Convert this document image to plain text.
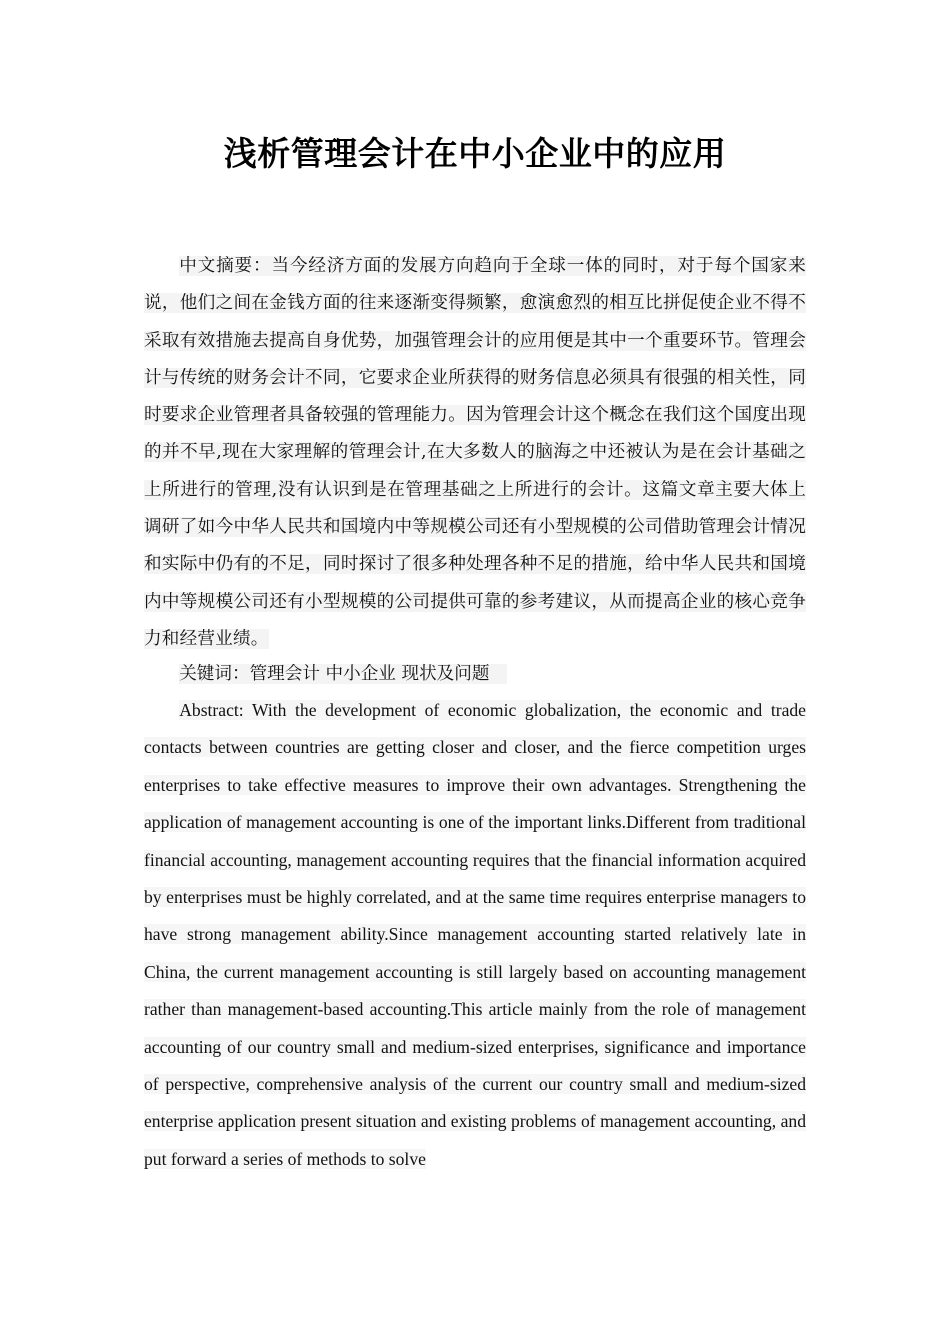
浅析管理会计在中小企业中的应用
中文摘要：当今经济方面的发展方向趋向于全球一体的同时，对于每个国家来说，他们之间在金钱方面的往来逐渐变得频繁，愈演愈烈的相互比拼促使企业不得不采取有效措施去提高自身优势，加强管理会计的应用便是其中一个重要环节。管理会计与传统的财务会计不同，它要求企业所获得的财务信息必须具有很强的相关性，同时要求企业管理者具备较强的管理能力。因为管理会计这个概念在我们这个国度出现的并不早,现在大家理解的管理会计,在大多数人的脑海之中还被认为是在会计基础之上所进行的管理,没有认识到是在管理基础之上所进行的会计。这篇文章主要大体上调研了如今中华人民共和国境内中等规模公司还有小型规模的公司借助管理会计情况和实际中仍有的不足，同时探讨了很多种处理各种不足的措施，给中华人民共和国境内中等规模公司还有小型规模的公司提供可靠的参考建议，从而提高企业的核心竞争力和经营业绩。
关键词：管理会计 中小企业 现状及问题
Abstract: With the development of economic globalization, the economic and trade contacts between countries are getting closer and closer, and the fierce competition urges enterprises to take effective measures to improve their own advantages. Strengthening the application of management accounting is one of the important links.Different from traditional financial accounting, management accounting requires that the financial information acquired by enterprises must be highly correlated, and at the same time requires enterprise managers to have strong management ability.Since management accounting started relatively late in China, the current management accounting is still largely based on accounting management rather than management-based accounting.This article mainly from the role of management accounting of our country small and medium-sized enterprises, significance and importance of perspective, comprehensive analysis of the current our country small and medium-sized enterprise application present situation and existing problems of management accounting, and put forward a series of methods to solve
